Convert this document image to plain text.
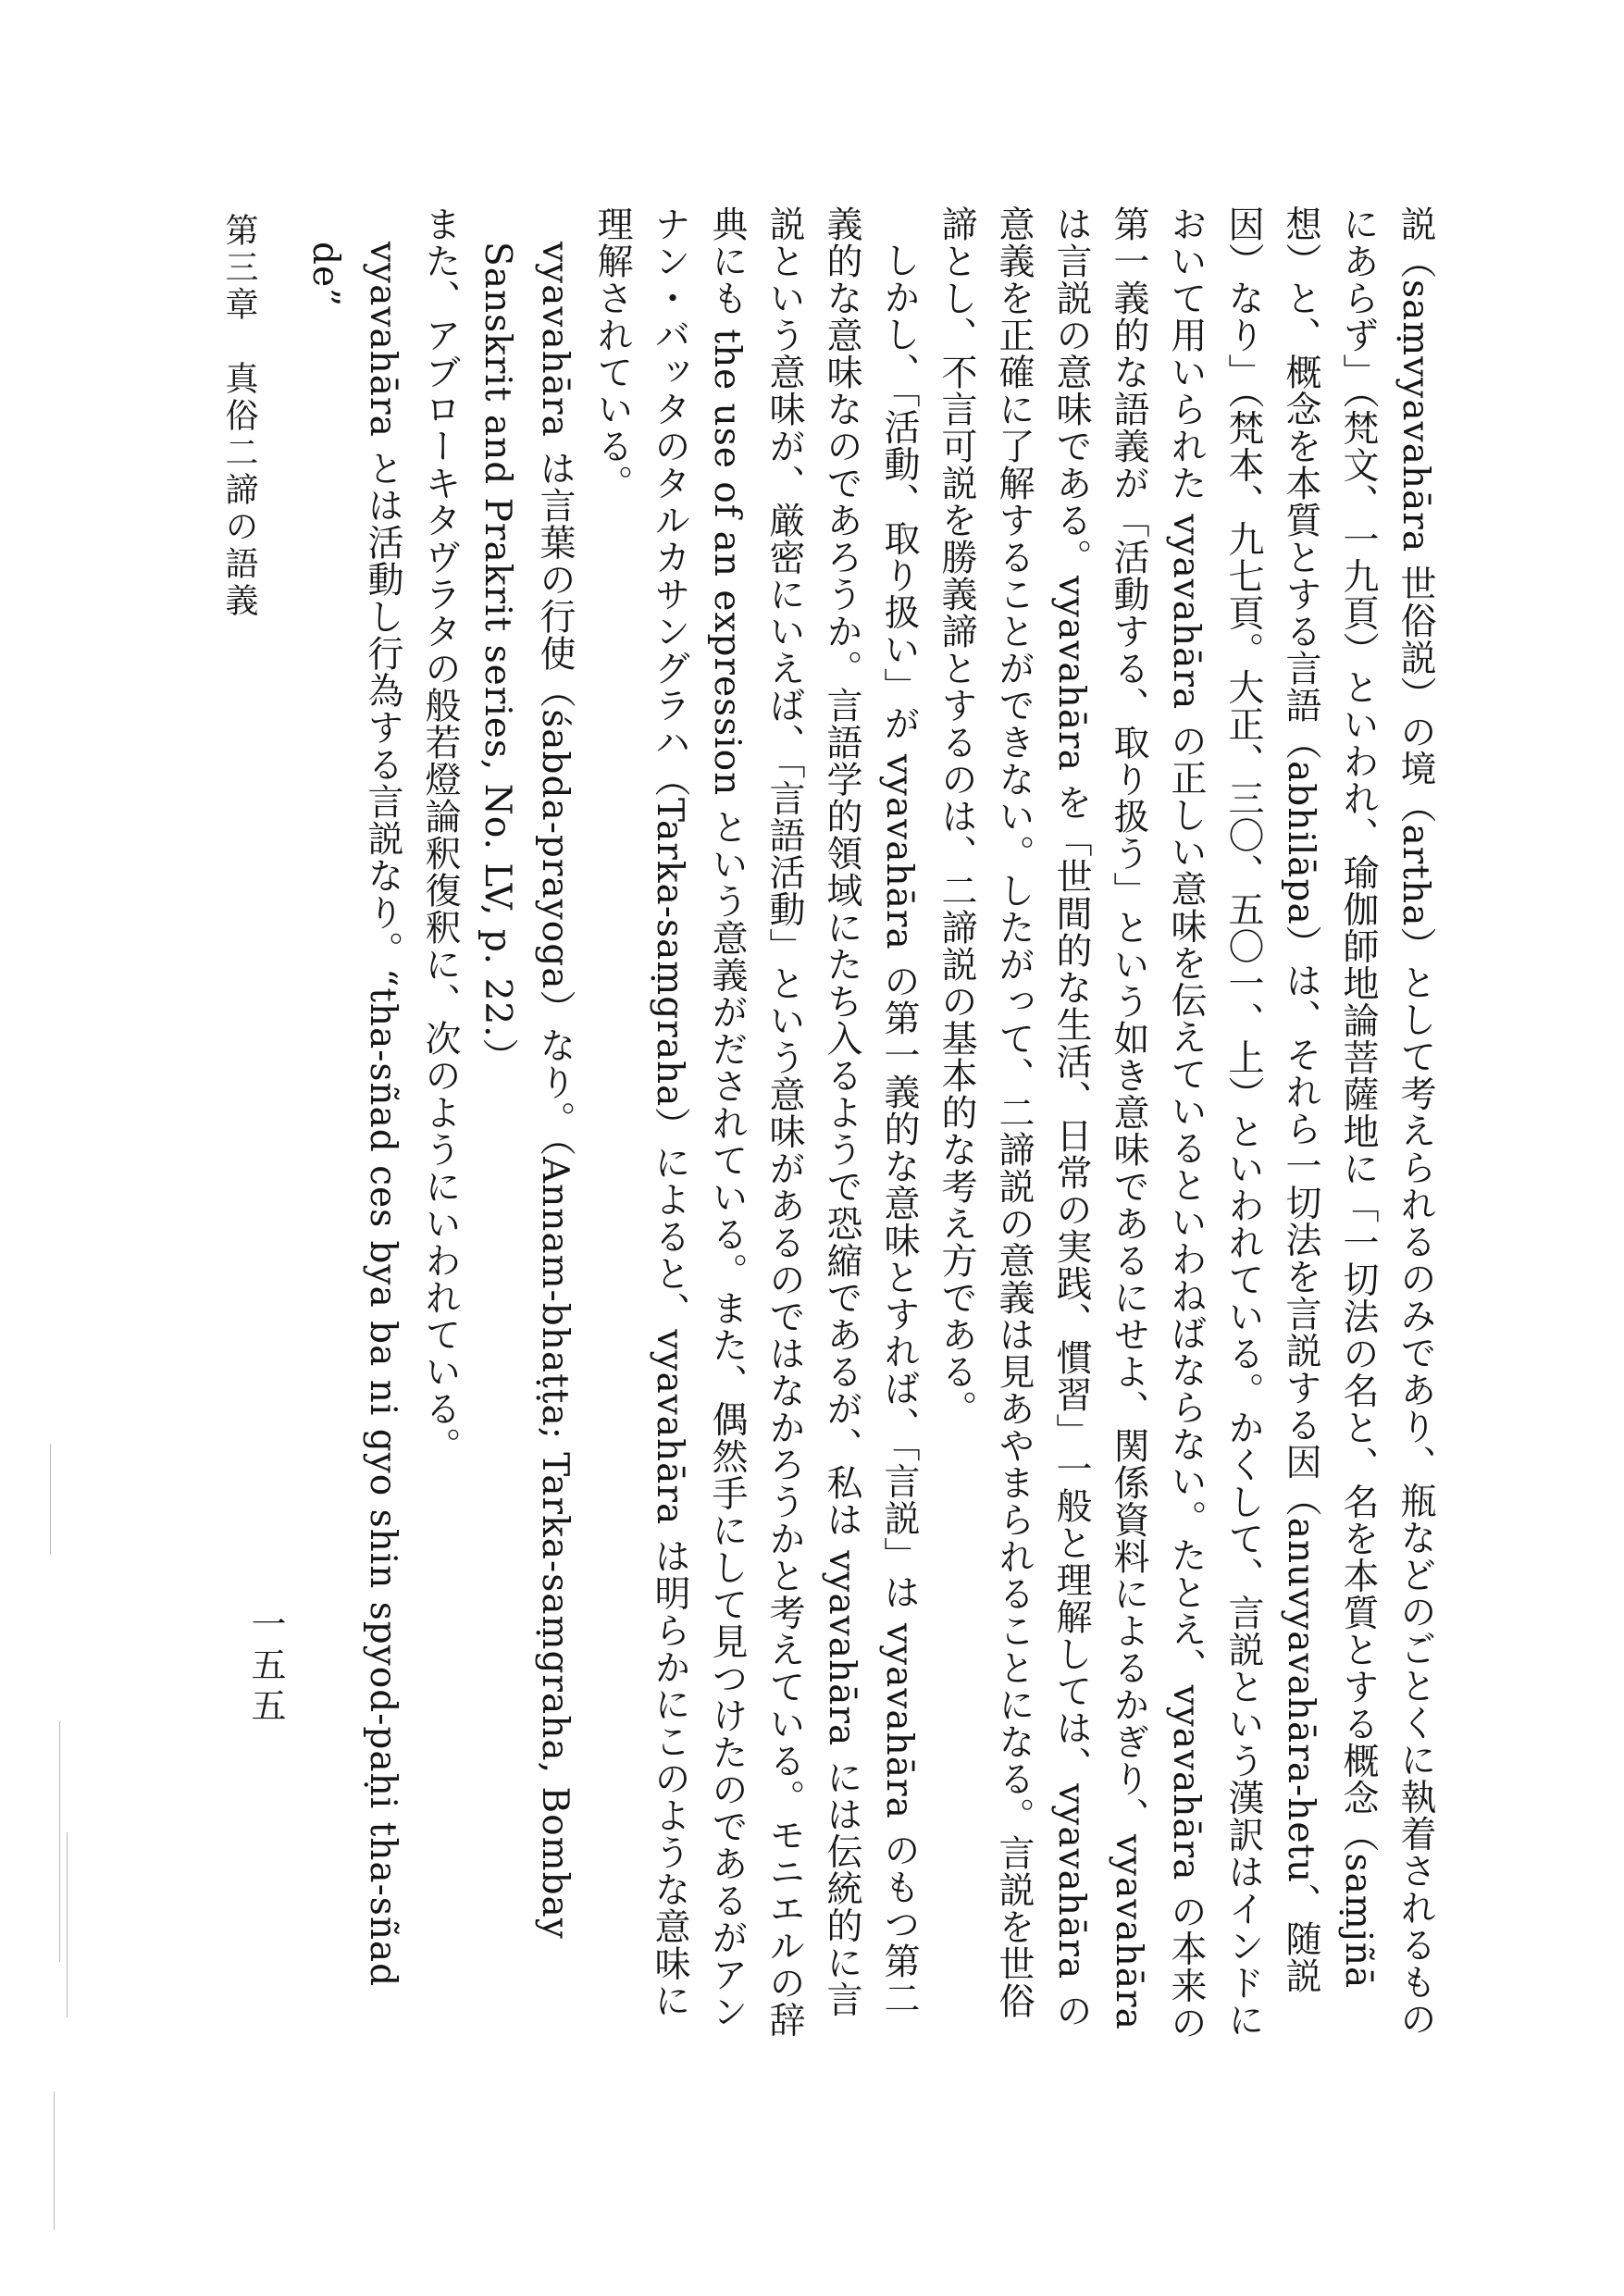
説（saṃvyavahāra 世俗説）の境（artha）として考えられるのみであり、瓶などのごとくに執着されるものにあらず」（梵文、一九頁）といわれ、瑜伽師地論菩薩地に「一切法の名と、名を本質とする概念（saṃjñā 想）と、概念を本質とする言語（abhilāpa）は、それら一切法を言説する因（anuvyavahāra-hetu、随説因）なり」（梵本、九七頁。大正、三〇、五〇一、上）といわれている。かくして、言説という漢訳はインドにおいて用いられた vyavahāra の正しい意味を伝えているといわねばならない。たとえ、vyavahāra の本来の第一義的な語義が「活動する、取り扱う」という如き意味であるにせよ、関係資料によるかぎり、vyavahāra は言説の意味である。vyavahāra を「世間的な生活、日常の実践、慣習」一般と理解しては、vyavahāra の意義を正確に了解することができない。したがって、二諦説の意義は見あやまられることになる。言説を世俗諦とし、不言可説を勝義諦とするのは、二諦説の基本的な考え方である。

しかし、「活動、取り扱い」が vyavahāra の第一義的な意味とすれば、「言説」は vyavahāra のもつ第二義的な意味なのであろうか。言語学的領域にたち入るようで恐縮であるが、私は vyavahāra には伝統的に言説という意味が、厳密にいえば、「言語活動」という意味があるのではなかろうかと考えている。モニエルの辞典にも the use of an expression という意義がだされている。また、偶然手にして見つけたのであるがアンナン・バッタのタルカサングラハ（Tarka-saṃgraha）によると、vyavahāra は明らかにこのような意味に理解されている。

vyavahāra は言葉の行使（śabda-prayoga）なり。（Annam-bhaṭṭa; Tarka-saṃgraha, Bombay Sanskrit and Prakrit series, No. LV, p. 22.）

また、アブローキタヴラタの般若燈論釈復釈に、次のようにいわれている。

vyavahāra とは活動し行為する言説なり。“tha-sñad ces bya ba ni gyo shin spyod-paḥi tha-sñad de”

第三章　真俗二諦の語義
一五五
